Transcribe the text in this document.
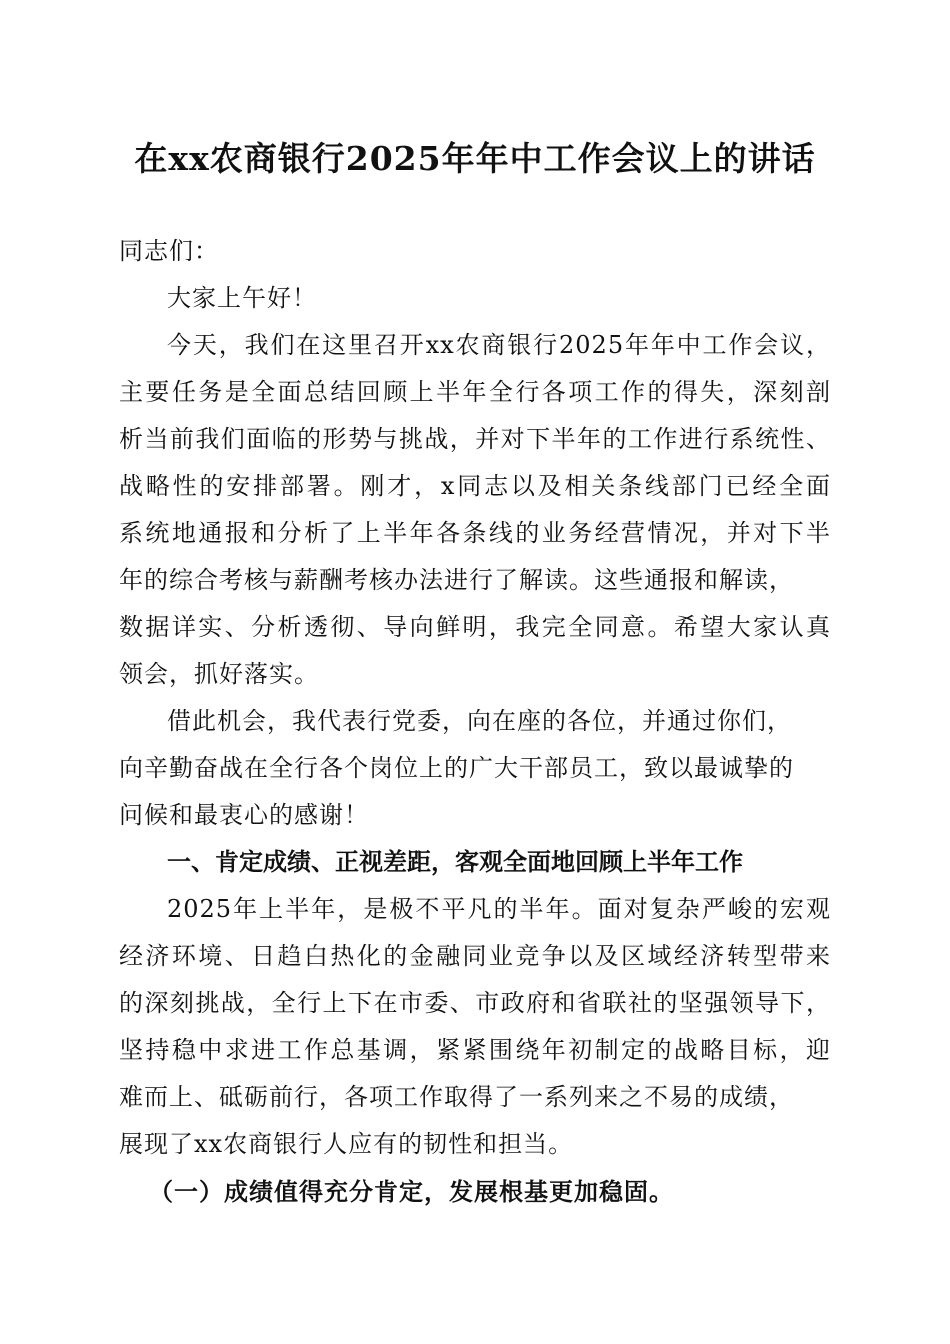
在xx农商银行2025年年中工作会议上的讲话

同志们：

大家上午好！

今天，我们在这里召开xx农商银行2025年年中工作会议，

主要任务是全面总结回顾上半年全行各项工作的得失，深刻剖

析当前我们面临的形势与挑战，并对下半年的工作进行系统性、

战略性的安排部署。刚才，x同志以及相关条线部门已经全面

系统地通报和分析了上半年各条线的业务经营情况，并对下半

年的综合考核与薪酬考核办法进行了解读。这些通报和解读，

数据详实、分析透彻、导向鲜明，我完全同意。希望大家认真

领会，抓好落实。

借此机会，我代表行党委，向在座的各位，并通过你们，

向辛勤奋战在全行各个岗位上的广大干部员工，致以最诚挚的

问候和最衷心的感谢！

一、肯定成绩、正视差距，客观全面地回顾上半年工作

2025年上半年，是极不平凡的半年。面对复杂严峻的宏观

经济环境、日趋白热化的金融同业竞争以及区域经济转型带来

的深刻挑战，全行上下在市委、市政府和省联社的坚强领导下，

坚持稳中求进工作总基调，紧紧围绕年初制定的战略目标，迎

难而上、砥砺前行，各项工作取得了一系列来之不易的成绩，

展现了xx农商银行人应有的韧性和担当。

（一）成绩值得充分肯定，发展根基更加稳固。
